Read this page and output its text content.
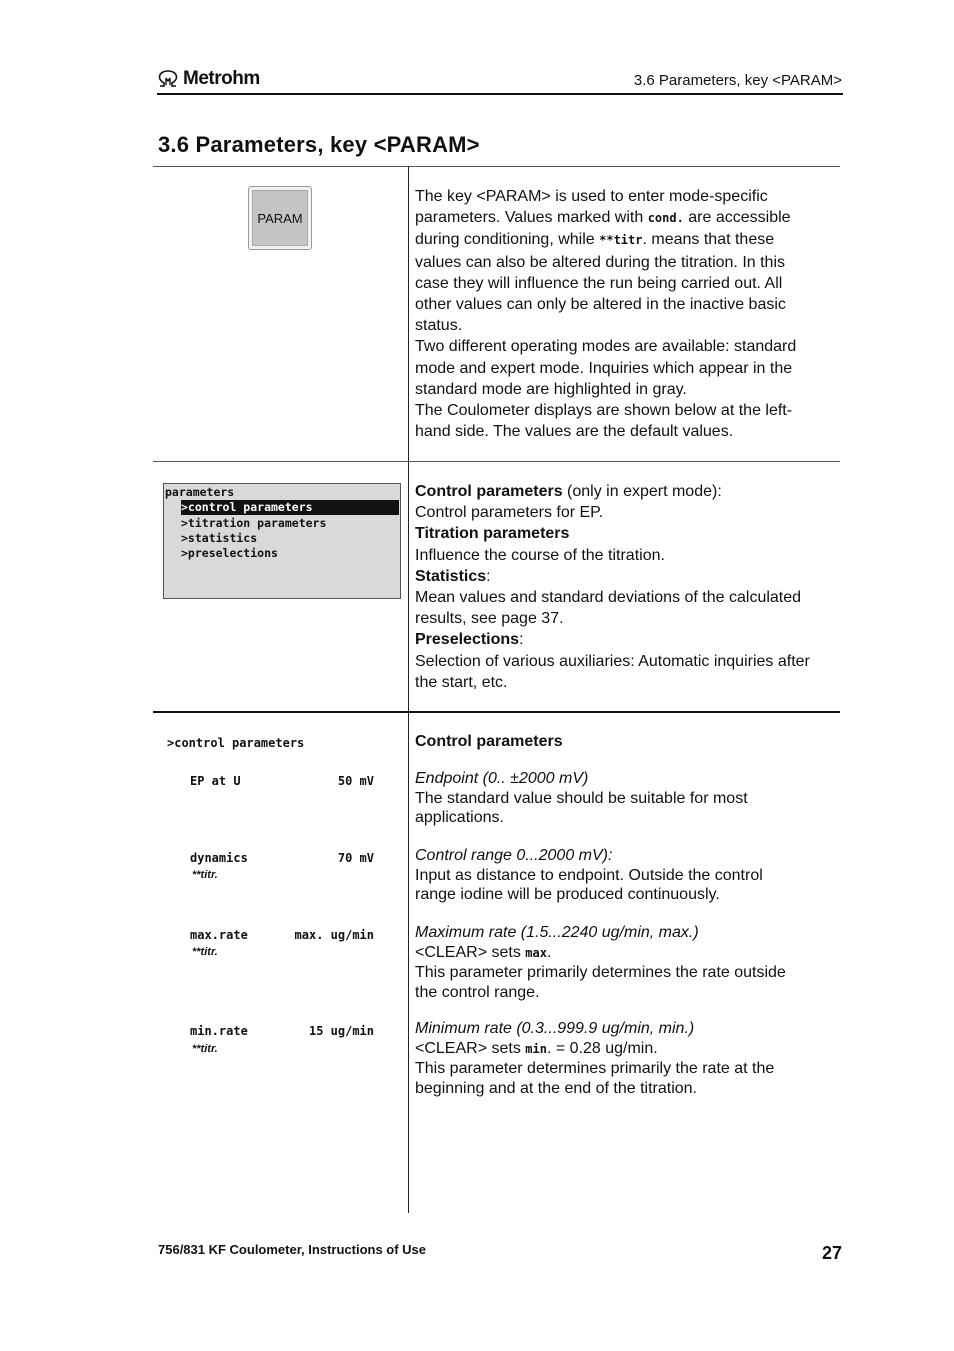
Metrohm	3.6 Parameters, key <PARAM>
3.6 Parameters, key <PARAM>
PARAM
The key <PARAM> is used to enter mode-specific
parameters. Values marked with cond. are accessible
during conditioning, while **titr. means that these
values can also be altered during the titration. In this
case they will influence the run being carried out. All
other values can only be altered in the inactive basic
status.
Two different operating modes are available: standard
mode and expert mode. Inquiries which appear in the
standard mode are highlighted in gray.
The Coulometer displays are shown below at the left-
hand side. The values are the default values.
parameters
>control parameters
>titration parameters
>statistics
>preselections
Control parameters (only in expert mode):
Control parameters for EP.
Titration parameters
Influence the course of the titration.
Statistics:
Mean values and standard deviations of the calculated
results, see page 37.
Preselections:
Selection of various auxiliaries: Automatic inquiries after
the start, etc.
>control parameters
EP at U	50 mV
dynamics	70 mV
**titr.
max.rate	max. ug/min
**titr.
min.rate	15 ug/min
**titr.
Control parameters
Endpoint (0.. ±2000 mV)
The standard value should be suitable for most
applications.
Control range 0...2000 mV):
Input as distance to endpoint. Outside the control
range iodine will be produced continuously.
Maximum rate (1.5...2240 ug/min, max.)
<CLEAR> sets max.
This parameter primarily determines the rate outside
the control range.
Minimum rate (0.3...999.9 ug/min, min.)
<CLEAR> sets min. = 0.28 ug/min.
This parameter determines primarily the rate at the
beginning and at the end of the titration.
756/831 KF Coulometer, Instructions of Use	27
